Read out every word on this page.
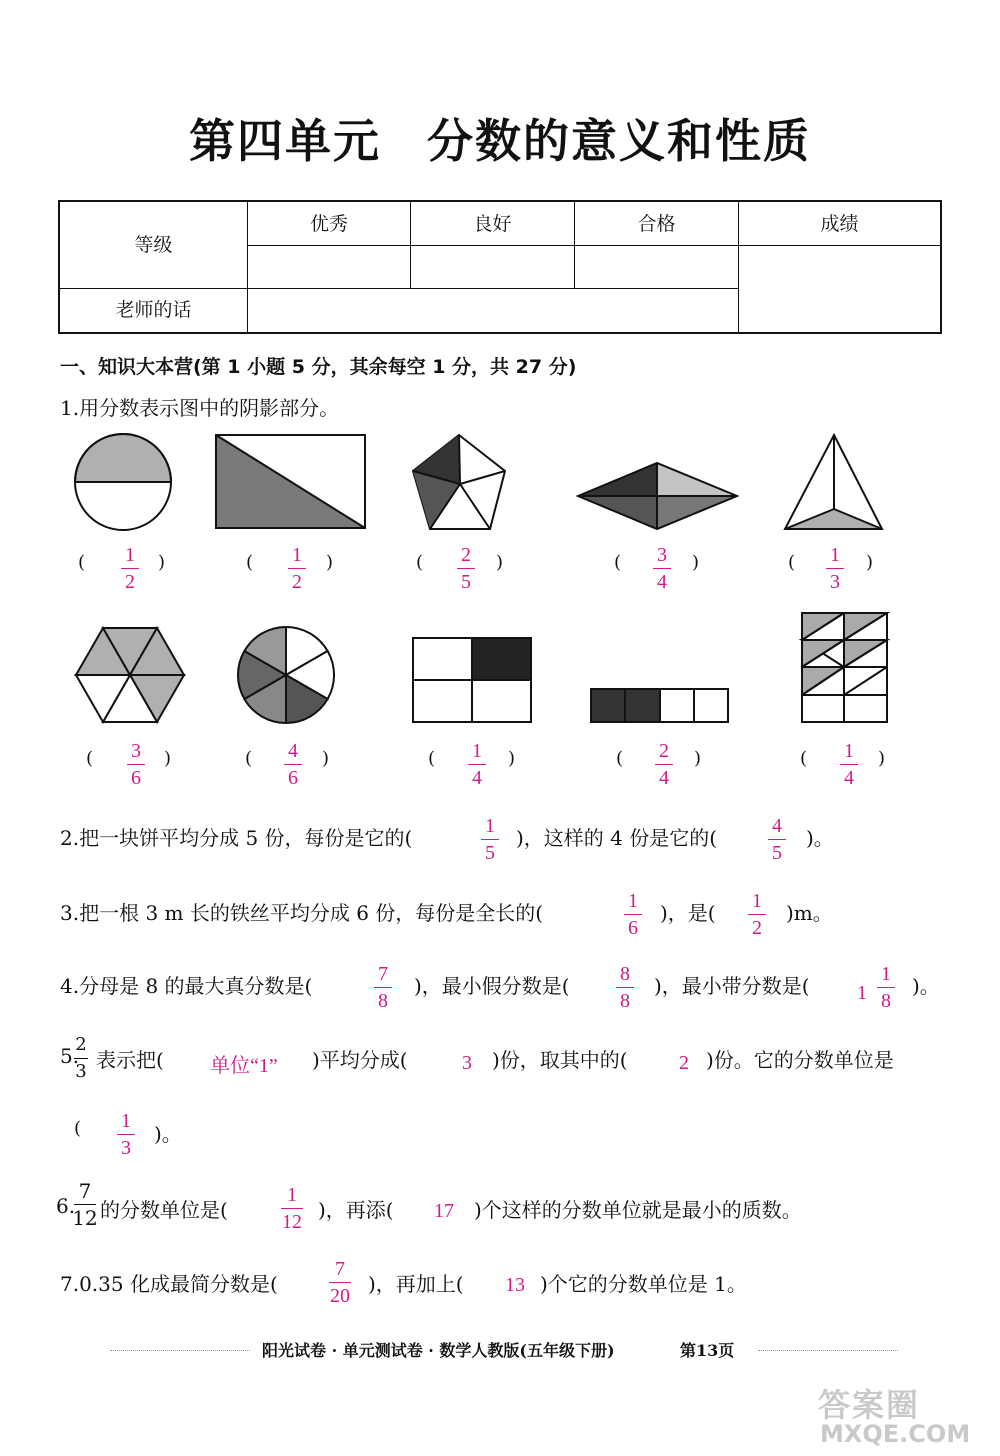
第四单元 分数的意义和性质
等级
优秀	良好	合格	成绩
老师的话
一、知识大本营(第 1 小题 5 分，其余每空 1 分，共 27 分)
1.用分数表示图中的阴影部分。
(	1
2
)	(	1
2
)	(	2
5
)	(	3
4
)	(	1
3
)
(	3
6
)	(	4
6
)	(	1
4
)	(	2
4
)	(	1
4
)
2.把一块饼平均分成 5 份，每份是它的(	1
5
)，这样的 4 份是它的(	4
5
)。
3.把一根 3 m 长的铁丝平均分成 6 份，每份是全长的(	1
6
)，是(	1
2
)m。
4.分母是 8 的最大真分数是(	7
8
)，最小假分数是(	8
8
)，最小带分数是( 1
1
8
)。
5.
2
3 表示把( 单位“1” )平均分成(	3 )份，取其中的(	2 )份。它的分数单位是
(	1
3
)。
6.
7
12 的分数单位是(
1
12 )，再添( 17 )个这样的分数单位就是最小的质数。
7.0.35 化成最简分数是(
7
20 )，再加上( 13 )个它的分数单位是 1。
阳光试卷 · 单元测试卷 · 数学人教版(五年级下册)	第13页
答案圈
MXQE.COM
